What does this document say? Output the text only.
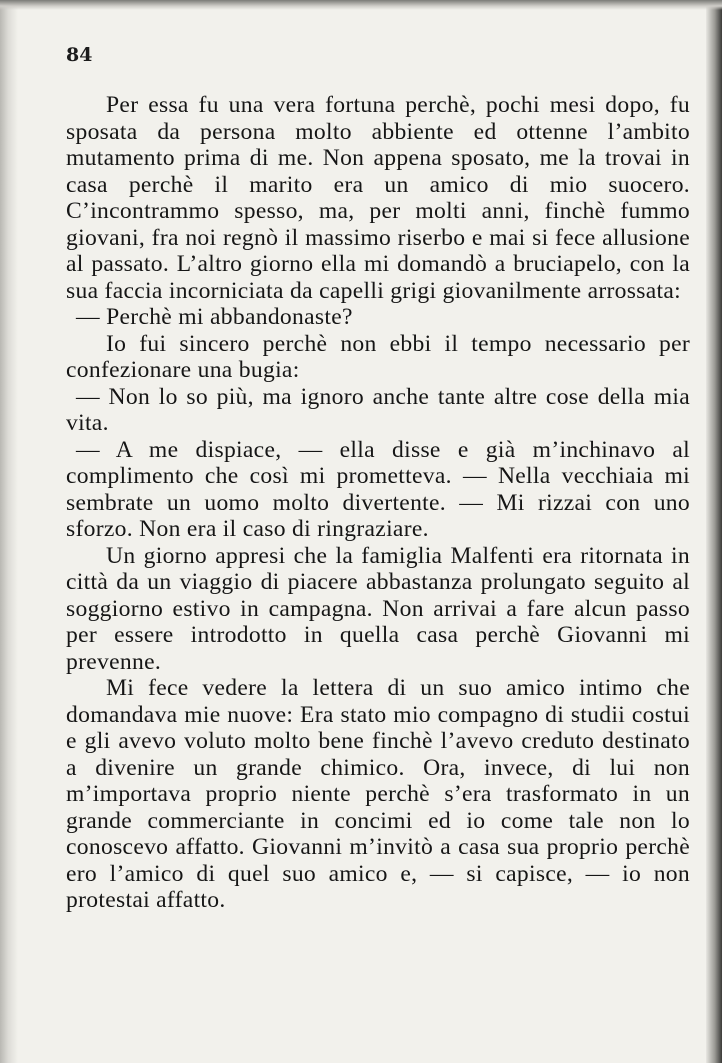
84

Per essa fu una vera fortuna perchè, pochi mesi dopo, fu sposata da persona molto abbiente ed ottenne l’ambito mutamento prima di me. Non appena sposato, me la trovai in casa perchè il marito era un amico di mio suocero. C’incontrammo spesso, ma, per molti anni, finchè fummo giovani, fra noi regnò il massimo riserbo e mai si fece allusione al passato. L’altro giorno ella mi domandò a bruciapelo, con la sua faccia incorniciata da capelli grigi giovanilmente arrossata:

— Perchè mi abbandonaste?

Io fui sincero perchè non ebbi il tempo necessario per confezionare una bugia:

— Non lo so più, ma ignoro anche tante altre cose della mia vita.

— A me dispiace, — ella disse e già m’inchinavo al complimento che così mi prometteva. — Nella vecchiaia mi sembrate un uomo molto divertente. — Mi rizzai con uno sforzo. Non era il caso di ringraziare.

Un giorno appresi che la famiglia Malfenti era ritornata in città da un viaggio di piacere abbastanza prolungato seguito al soggiorno estivo in campagna. Non arrivai a fare alcun passo per essere introdotto in quella casa perchè Giovanni mi prevenne.

Mi fece vedere la lettera di un suo amico intimo che domandava mie nuove: Era stato mio compagno di studii costui e gli avevo voluto molto bene finchè l’avevo creduto destinato a divenire un grande chimico. Ora, invece, di lui non m’importava proprio niente perchè s’era trasformato in un grande commerciante in concimi ed io come tale non lo conoscevo affatto. Giovanni m’invitò a casa sua proprio perchè ero l’amico di quel suo amico e, — si capisce, — io non protestai affatto.
